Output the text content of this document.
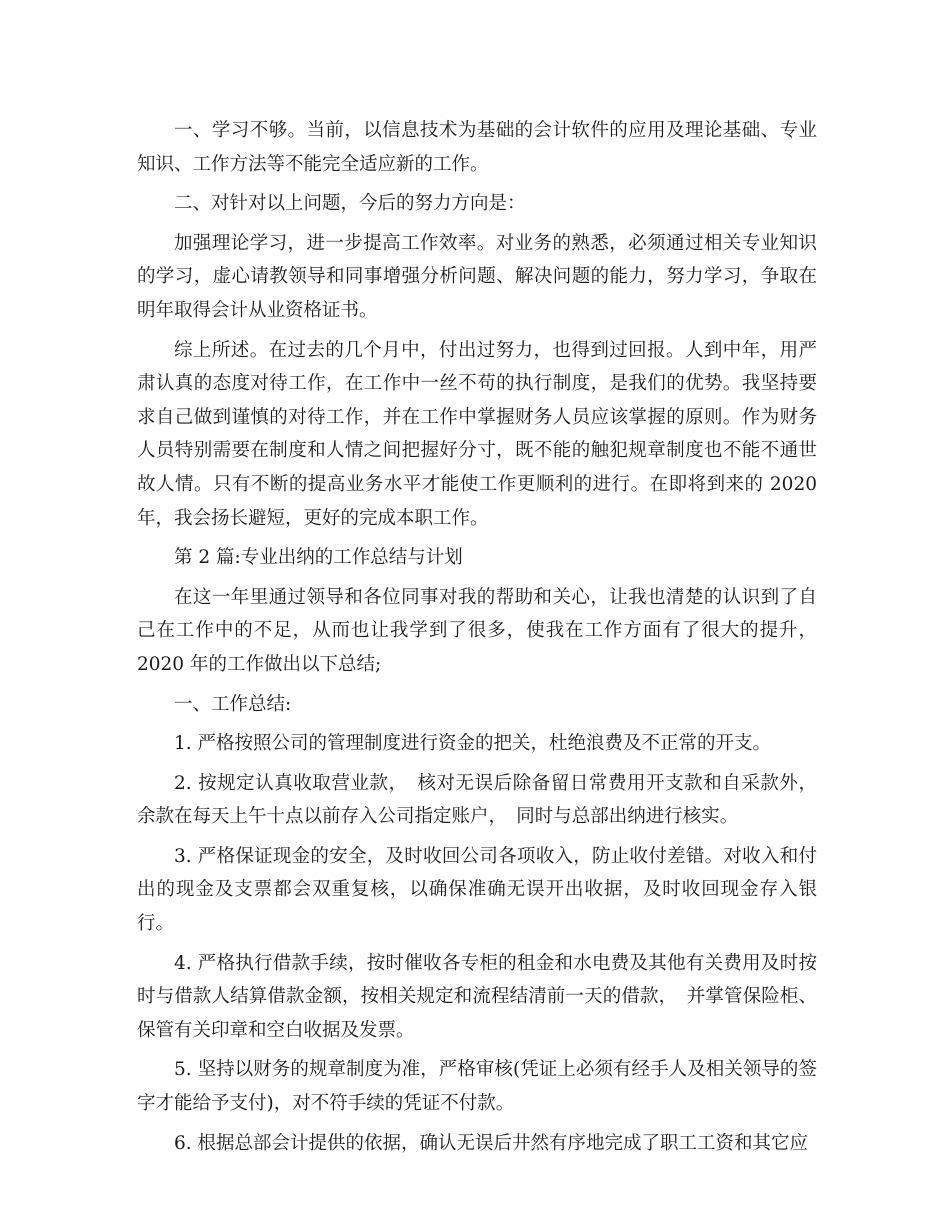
一、学习不够。当前，以信息技术为基础的会计软件的应用及理论基础、专业知识、工作方法等不能完全适应新的工作。

二、对针对以上问题，今后的努力方向是：

加强理论学习，进一步提高工作效率。对业务的熟悉，必须通过相关专业知识的学习，虚心请教领导和同事增强分析问题、解决问题的能力，努力学习，争取在明年取得会计从业资格证书。

综上所述。在过去的几个月中，付出过努力，也得到过回报。人到中年，用严肃认真的态度对待工作，在工作中一丝不苟的执行制度，是我们的优势。我坚持要求自己做到谨慎的对待工作，并在工作中掌握财务人员应该掌握的原则。作为财务人员特别需要在制度和人情之间把握好分寸，既不能的触犯规章制度也不能不通世故人情。只有不断的提高业务水平才能使工作更顺利的进行。在即将到来的 2020 年，我会扬长避短，更好的完成本职工作。

第 2 篇:专业出纳的工作总结与计划

在这一年里通过领导和各位同事对我的帮助和关心，让我也清楚的认识到了自己在工作中的不足，从而也让我学到了很多，使我在工作方面有了很大的提升，2020 年的工作做出以下总结;

一、工作总结:

1. 严格按照公司的管理制度进行资金的把关，杜绝浪费及不正常的开支。

2. 按规定认真收取营业款，　核对无误后除备留日常费用开支款和自采款外，余款在每天上午十点以前存入公司指定账户，　同时与总部出纳进行核实。

3. 严格保证现金的安全，及时收回公司各项收入，防止收付差错。对收入和付出的现金及支票都会双重复核，以确保准确无误开出收据，及时收回现金存入银行。

4. 严格执行借款手续，按时催收各专柜的租金和水电费及其他有关费用及时按时与借款人结算借款金额，按相关规定和流程结清前一天的借款，　并掌管保险柜、保管有关印章和空白收据及发票。

5. 坚持以财务的规章制度为准，严格审核(凭证上必须有经手人及相关领导的签字才能给予支付)，对不符手续的凭证不付款。

6. 根据总部会计提供的依据，确认无误后井然有序地完成了职工工资和其它应
